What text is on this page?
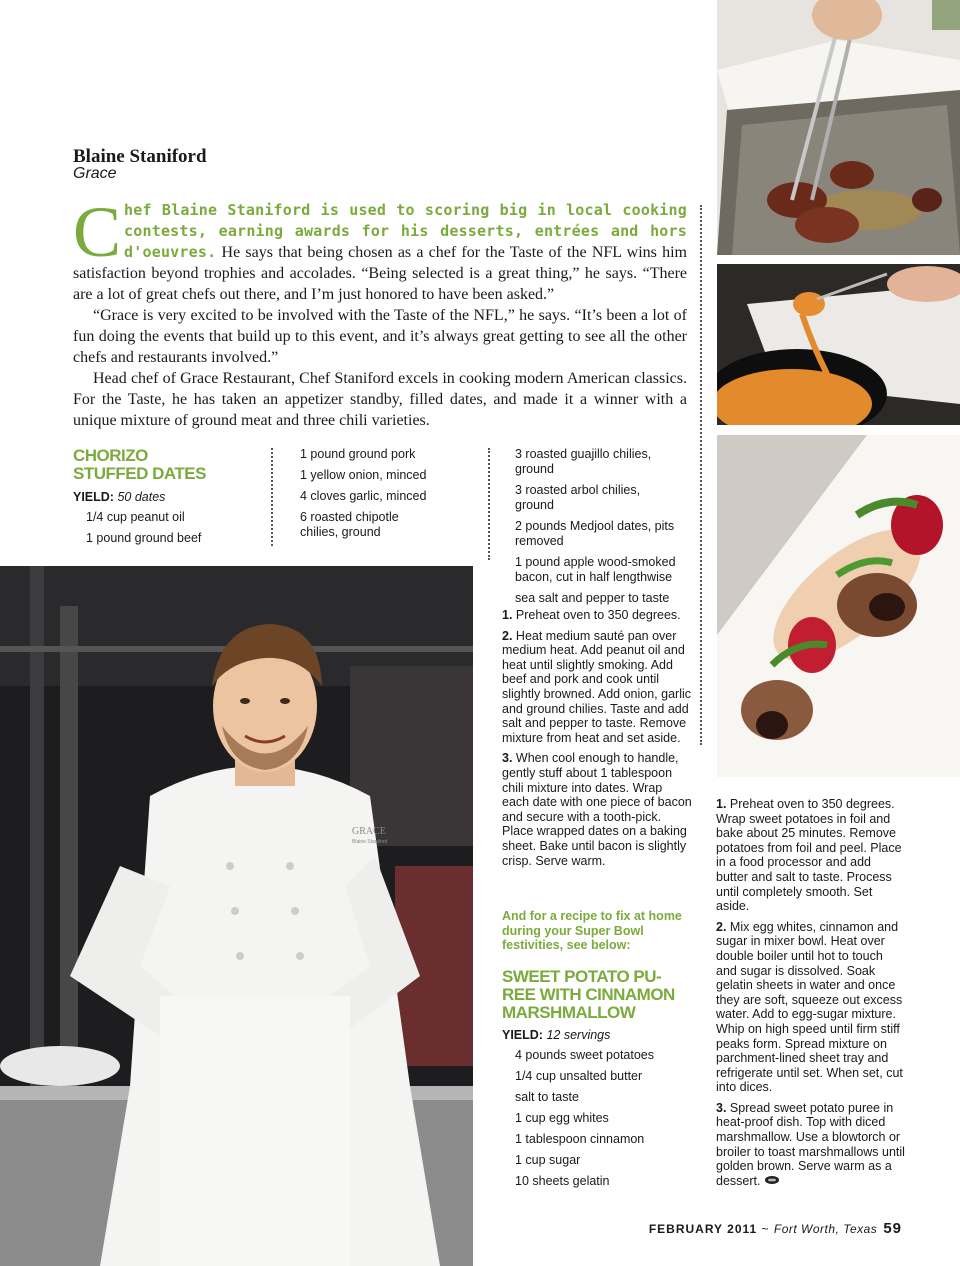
Blaine Staniford
Grace

Chef Blaine Staniford is used to scoring big in local cooking contests, earning awards for his desserts, entrées and hors d'oeuvres. He says that being chosen as a chef for the Taste of the NFL wins him satisfaction beyond trophies and accolades. “Being selected is a great thing,” he says. “There are a lot of great chefs out there, and I’m just honored to have been asked.”

“Grace is very excited to be involved with the Taste of the NFL,” he says. “It’s been a lot of fun doing the events that build up to this event, and it’s always great getting to see all the other chefs and restaurants involved.”

Head chef of Grace Restaurant, Chef Staniford excels in cooking modern American classics. For the Taste, he has taken an appetizer standby, filled dates, and made it a winner with a unique mixture of ground meat and three chili varieties.

GRACE
Blaine Staniford
CHORIZO
STUFFED DATES
YIELD: 50 dates
1/4 cup peanut oil
1 pound ground beef
1 pound ground pork
1 yellow onion, minced
4 cloves garlic, minced
6 roasted chipotle chilies, ground
3 roasted guajillo chilies, ground
3 roasted arbol chilies, ground
2 pounds Medjool dates, pits removed
1 pound apple wood-smoked bacon, cut in half lengthwise
sea salt and pepper to taste
1. Preheat oven to 350 degrees.
2. Heat medium sauté pan over medium heat. Add peanut oil and heat until slightly smoking. Add beef and pork and cook until slightly browned. Add onion, garlic and ground chilies. Taste and add salt and pepper to taste. Remove mixture from heat and set aside.
3. When cool enough to handle, gently stuff about 1 tablespoon chili mixture into dates. Wrap each date with one piece of bacon and secure with a tooth-pick. Place wrapped dates on a baking sheet. Bake until bacon is slightly crisp. Serve warm.
And for a recipe to fix at home during your Super Bowl festivities, see below:
SWEET POTATO PU-
REE WITH CINNAMON
MARSHMALLOW
YIELD: 12 servings
4 pounds sweet potatoes
1/4 cup unsalted butter
salt to taste
1 cup egg whites
1 tablespoon cinnamon
1 cup sugar
10 sheets gelatin
1. Preheat oven to 350 degrees. Wrap sweet potatoes in foil and bake about 25 minutes. Remove potatoes from foil and peel. Place in a food processor and add butter and salt to taste. Process until completely smooth. Set aside.
2. Mix egg whites, cinnamon and sugar in mixer bowl. Heat over double boiler until hot to touch and sugar is dissolved. Soak gelatin sheets in water and once they are soft, squeeze out excess water. Add to egg-sugar mixture. Whip on high speed until firm stiff peaks form. Spread mixture on parchment-lined sheet tray and refrigerate until set. When set, cut into dices.
3. Spread sweet potato puree in heat-proof dish. Top with diced marshmallow. Use a blowtorch or broiler to toast marshmallows until golden brown. Serve warm as a dessert.
FEBRUARY 2011 ~ Fort Worth, Texas 59
